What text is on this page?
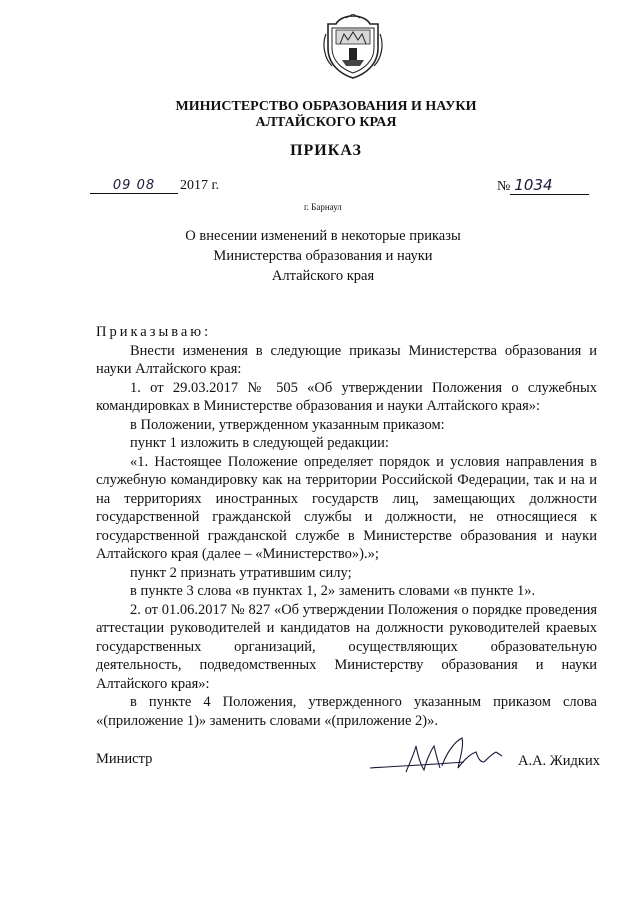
МИНИСТЕРСТВО ОБРАЗОВАНИЯ И НАУКИ
АЛТАЙСКОГО КРАЯ
ПРИКАЗ
09 08 2017 г.	№ 1034
г. Барнаул
О внесении изменений в некоторые приказы
Министерства образования и науки
Алтайского края

Приказываю:

Внести изменения в следующие приказы Министерства образования и науки Алтайского края:

1. от 29.03.2017 № 505 «Об утверждении Положения о служебных командировках в Министерстве образования и науки Алтайского края»:

в Положении, утвержденном указанным приказом:

пункт 1 изложить в следующей редакции:

«1. Настоящее Положение определяет порядок и условия направления в служебную командировку как на территории Российской Федерации, так и на и на территориях иностранных государств лиц, замещающих должности государственной гражданской службы и должности, не относящиеся к государственной гражданской службе в Министерстве образования и науки Алтайского края (далее – «Министерство»).»;

пункт 2 признать утратившим силу;

в пункте 3 слова «в пунктах 1, 2» заменить словами «в пункте 1».

2. от 01.06.2017 № 827 «Об утверждении Положения о порядке проведения аттестации руководителей и кандидатов на должности руководителей краевых государственных организаций, осуществляющих образовательную деятельность, подведомственных Министерству образования и науки Алтайского края»:

в пункте 4 Положения, утвержденного указанным приказом слова «(приложение 1)» заменить словами «(приложение 2)».

Министр	А.А. Жидких
